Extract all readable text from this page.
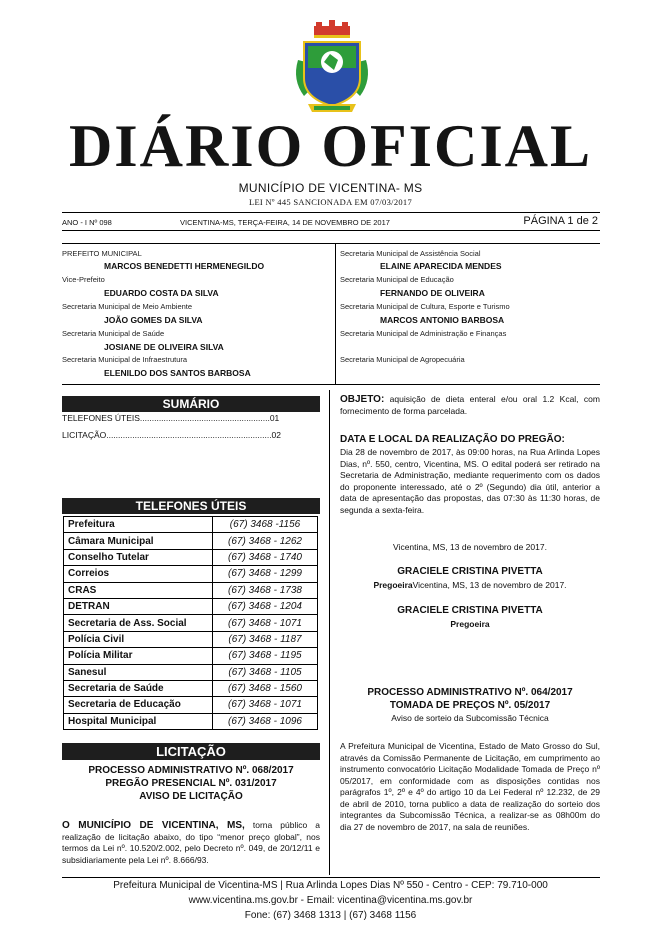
DIÁRIO OFICIAL
MUNICÍPIO DE VICENTINA- MS
LEI Nº 445 SANCIONADA EM 07/03/2017
ANO - I Nº 098	VICENTINA-MS, TERÇA-FEIRA, 14 DE NOVEMBRO DE 2017	PÁGINA 1 de 2
PREFEITO MUNICIPAL
MARCOS BENEDETTI HERMENEGILDO
Vice-Prefeito
EDUARDO COSTA DA SILVA
Secretaria Municipal de Meio Ambiente
JOÃO GOMES DA SILVA
Secretaria Municipal de Saúde
JOSIANE DE OLIVEIRA SILVA
Secretaria Municipal de Infraestrutura
ELENILDO DOS SANTOS BARBOSA
Secretaria Municipal de Assistência Social
ELAINE APARECIDA MENDES
Secretaria Municipal de Educação
FERNANDO DE OLIVEIRA
Secretaria Municipal de Cultura, Esporte e Turismo
MARCOS ANTONIO BARBOSA
Secretaria Municipal de Administração e Finanças
Secretaria Municipal de Agropecuária
SUMÁRIO
TELEFONES ÚTEIS.......................................................01
LICITAÇÃO......................................................................02
TELEFONES ÚTEIS
Prefeitura	(67) 3468 -1156
Câmara Municipal	(67) 3468 - 1262
Conselho Tutelar	(67) 3468 - 1740
Correios	(67) 3468 - 1299
CRAS	(67) 3468 - 1738
DETRAN	(67) 3468 - 1204
Secretaria de Ass. Social	(67) 3468 - 1071
Polícia Civil	(67) 3468 - 1187
Polícia Militar	(67) 3468 - 1195
Sanesul	(67) 3468 - 1105
Secretaria de Saúde	(67) 3468 - 1560
Secretaria de Educação	(67) 3468 - 1071
Hospital Municipal	(67) 3468 - 1096
LICITAÇÃO
PROCESSO ADMINISTRATIVO Nº. 068/2017
PREGÃO PRESENCIAL Nº. 031/2017
AVISO DE LICITAÇÃO
O MUNICÍPIO DE VICENTINA, MS, torna público a realização de licitação abaixo, do tipo “menor preço global”, nos termos da Lei nº. 10.520/2.002, pelo Decreto nº. 049, de 20/12/11 e subsidiariamente pela Lei nº. 8.666/93.
OBJETO: aquisição de dieta enteral e/ou oral 1.2 Kcal, com fornecimento de forma parcelada.
DATA E LOCAL DA REALIZAÇÃO DO PREGÃO:
Dia 28 de novembro de 2017, às 09:00 horas, na Rua Arlinda Lopes Dias, nº. 550, centro, Vicentina, MS. O edital poderá ser retirado na Secretaria de Administração, mediante requerimento com os dados do proponente interessado, até o 2º (Segundo) dia útil, anterior a data de apresentação das propostas, das 07:30 às 11:30 horas, de segunda a sexta-feira.
Vicentina, MS, 13 de novembro de 2017.
GRACIELE CRISTINA PIVETTA
PregoeiraVicentina, MS, 13 de novembro de 2017.
GRACIELE CRISTINA PIVETTA
Pregoeira
PROCESSO ADMINISTRATIVO Nº. 064/2017
TOMADA DE PREÇOS Nº. 05/2017
Aviso de sorteio da Subcomissão Técnica
A Prefeitura Municipal de Vicentina, Estado de Mato Grosso do Sul, através da Comissão Permanente de Licitação, em cumprimento ao instrumento convocatório Licitação Modalidade Tomada de Preço nº 05/2017, em conformidade com as disposições contidas nos parágrafos 1º, 2º e 4º do artigo 10 da Lei Federal nº 12.232, de 29 de abril de 2010, torna publico a data de realização do sorteio dos integrantes da Subcomissão Técnica, a realizar-se as 08h00m do dia 27 de novembro de 2017, na sala de reuniões.
Prefeitura Municipal de Vicentina-MS | Rua Arlinda Lopes Dias Nº 550 - Centro - CEP: 79.710-000
www.vicentina.ms.gov.br - Email: vicentina@vicentina.ms.gov.br
Fone: (67) 3468 1313 | (67) 3468 1156
